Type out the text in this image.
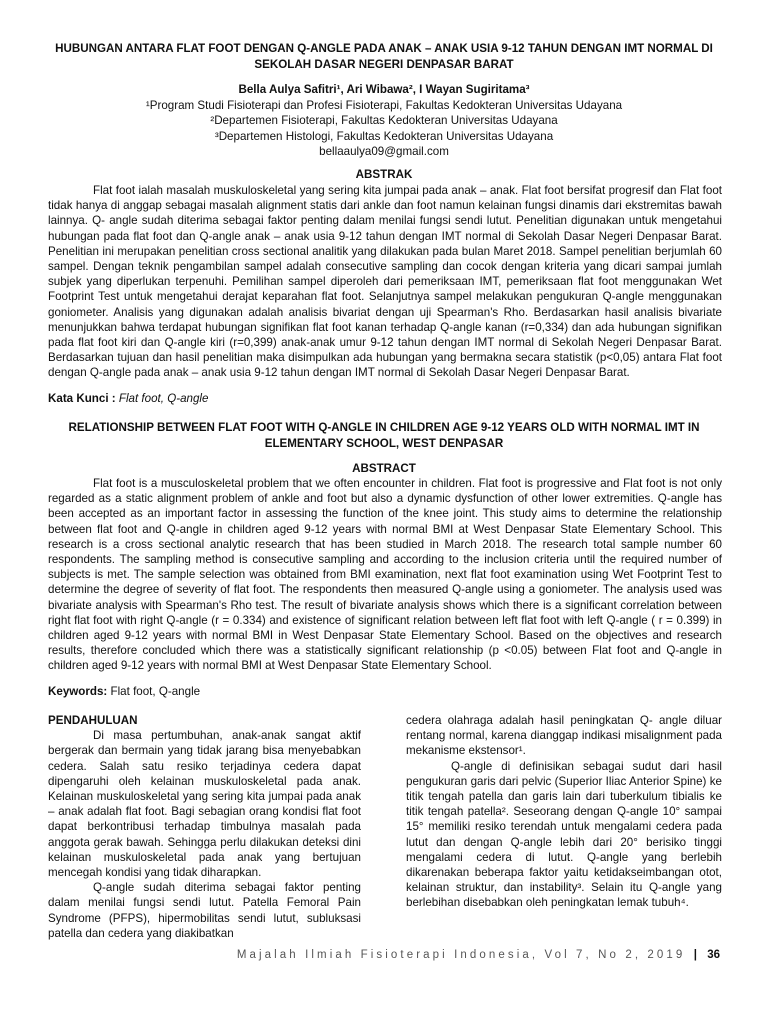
HUBUNGAN ANTARA FLAT FOOT DENGAN Q-ANGLE PADA ANAK – ANAK USIA 9-12 TAHUN DENGAN IMT NORMAL DI SEKOLAH DASAR NEGERI DENPASAR BARAT
Bella Aulya Safitri¹, Ari Wibawa², I Wayan Sugiritama³
¹Program Studi Fisioterapi dan Profesi Fisioterapi, Fakultas Kedokteran Universitas Udayana
²Departemen Fisioterapi, Fakultas Kedokteran Universitas Udayana
³Departemen Histologi, Fakultas Kedokteran Universitas Udayana
bellaaulya09@gmail.com
ABSTRAK

Flat foot ialah masalah muskuloskeletal yang sering kita jumpai pada anak – anak. Flat foot bersifat progresif dan Flat foot tidak hanya di anggap sebagai masalah alignment statis dari ankle dan foot namun kelainan fungsi dinamis dari ekstremitas bawah lainnya. Q- angle sudah diterima sebagai faktor penting dalam menilai fungsi sendi lutut. Penelitian digunakan untuk mengetahui hubungan pada flat foot dan Q-angle anak – anak usia 9-12 tahun dengan IMT normal di Sekolah Dasar Negeri Denpasar Barat. Penelitian ini merupakan penelitian cross sectional analitik yang dilakukan pada bulan Maret 2018. Sampel penelitian berjumlah 60 sampel. Dengan teknik pengambilan sampel adalah consecutive sampling dan cocok dengan kriteria yang dicari sampai jumlah subjek yang diperlukan terpenuhi. Pemilihan sampel diperoleh dari pemeriksaan IMT, pemeriksaan flat foot menggunakan Wet Footprint Test untuk mengetahui derajat keparahan flat foot. Selanjutnya sampel melakukan pengukuran Q-angle menggunakan goniometer. Analisis yang digunakan adalah analisis bivariat dengan uji Spearman's Rho. Berdasarkan hasil analisis bivariate menunjukkan bahwa terdapat hubungan signifikan flat foot kanan terhadap Q-angle kanan (r=0,334) dan ada hubungan signifikan pada flat foot kiri dan Q-angle kiri (r=0,399) anak-anak umur 9-12 tahun dengan IMT normal di Sekolah Negeri Denpasar Barat. Berdasarkan tujuan dan hasil penelitian maka disimpulkan ada hubungan yang bermakna secara statistik (p<0,05) antara Flat foot dengan Q-angle pada anak – anak usia 9-12 tahun dengan IMT normal di Sekolah Dasar Negeri Denpasar Barat.

Kata Kunci : Flat foot, Q-angle
RELATIONSHIP BETWEEN FLAT FOOT WITH Q-ANGLE IN CHILDREN AGE 9-12 YEARS OLD WITH NORMAL IMT IN ELEMENTARY SCHOOL, WEST DENPASAR
ABSTRACT

Flat foot is a musculoskeletal problem that we often encounter in children. Flat foot is progressive and Flat foot is not only regarded as a static alignment problem of ankle and foot but also a dynamic dysfunction of other lower extremities. Q-angle has been accepted as an important factor in assessing the function of the knee joint. This study aims to determine the relationship between flat foot and Q-angle in children aged 9-12 years with normal BMI at West Denpasar State Elementary School. This research is a cross sectional analytic research that has been studied in March 2018. The research total sample number 60 respondents. The sampling method is consecutive sampling and according to the inclusion criteria until the required number of subjects is met. The sample selection was obtained from BMI examination, next flat foot examination using Wet Footprint Test to determine the degree of severity of flat foot. The respondents then measured Q-angle using a goniometer. The analysis used was bivariate analysis with Spearman's Rho test. The result of bivariate analysis shows which there is a significant correlation between right flat foot with right Q-angle (r = 0.334) and existence of significant relation between left flat foot with left Q-angle ( r = 0.399) in children aged 9-12 years with normal BMI in West Denpasar State Elementary School. Based on the objectives and research results, therefore concluded which there was a statistically significant relationship (p <0.05) between Flat foot and Q-angle in children aged 9-12 years with normal BMI at West Denpasar State Elementary School.

Keywords: Flat foot, Q-angle

PENDAHULUAN

Di masa pertumbuhan, anak-anak sangat aktif bergerak dan bermain yang tidak jarang bisa menyebabkan cedera. Salah satu resiko terjadinya cedera dapat dipengaruhi oleh kelainan muskuloskeletal pada anak. Kelainan muskuloskeletal yang sering kita jumpai pada anak – anak adalah flat foot. Bagi sebagian orang kondisi flat foot dapat berkontribusi terhadap timbulnya masalah pada anggota gerak bawah. Sehingga perlu dilakukan deteksi dini kelainan muskuloskeletal pada anak yang bertujuan mencegah kondisi yang tidak diharapkan.

Q-angle sudah diterima sebagai faktor penting dalam menilai fungsi sendi lutut. Patella Femoral Pain Syndrome (PFPS), hipermobilitas sendi lutut, subluksasi patella dan cedera yang diakibatkan

cedera olahraga adalah hasil peningkatan Q- angle diluar rentang normal, karena dianggap indikasi misalignment pada mekanisme ekstensor¹.

Q-angle di definisikan sebagai sudut dari hasil pengukuran garis dari pelvic (Superior Iliac Anterior Spine) ke titik tengah patella dan garis lain dari tuberkulum tibialis ke titik tengah patella². Seseorang dengan Q-angle 10° sampai 15° memiliki resiko terendah untuk mengalami cedera pada lutut dan dengan Q-angle lebih dari 20° berisiko tinggi mengalami cedera di lutut. Q-angle yang berlebih dikarenakan beberapa faktor yaitu ketidakseimbangan otot, kelainan struktur, dan instability³. Selain itu Q-angle yang berlebihan disebabkan oleh peningkatan lemak tubuh⁴.

Majalah Ilmiah Fisioterapi Indonesia, Vol 7, No 2, 2019 | 36
